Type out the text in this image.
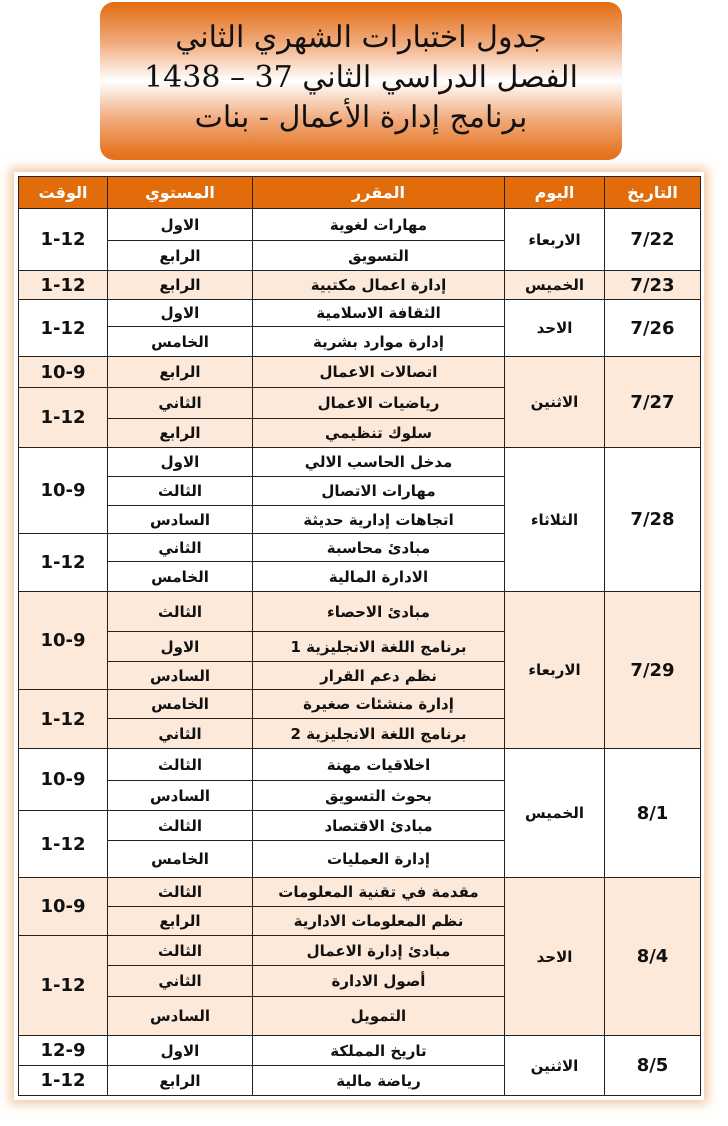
جدول اختبارات الشهري الثاني
الفصل الدراسي الثاني 37 – 1438
برنامج إدارة الأعمال - بنات
التاريخ	اليوم	المقرر	المستوي	الوقت
7/22	الاربعاء	مهارات لغوية	الاول	1-12
		التسويق	الرابع	
7/23	الخميس	إدارة اعمال مكتبية	الرابع	1-12
7/26	الاحد	الثقافة الاسلامية	الاول	1-12
		إدارة موارد بشرية	الخامس	
7/27	الاثنين	اتصالات الاعمال	الرابع	10-9
		رياضيات الاعمال	الثاني	1-12
		سلوك تنظيمي	الرابع	
7/28	الثلاثاء	مدخل الحاسب الالي	الاول	10-9
		مهارات الاتصال	الثالث	
		اتجاهات إدارية حديثة	السادس	
		مبادئ محاسبة	الثاني	1-12
		الادارة المالية	الخامس	
7/29	الاربعاء	مبادئ الاحصاء	الثالث	10-9
		برنامج اللغة الانجليزية 1	الاول	
		نظم دعم القرار	السادس	
		إدارة منشئات صغيرة	الخامس	1-12
		برنامج اللغة الانجليزية 2	الثاني	
8/1	الخميس	اخلاقيات مهنة	الثالث	10-9
		بحوث التسويق	السادس	
		مبادئ الاقتصاد	الثالث	1-12
		إدارة العمليات	الخامس	
8/4	الاحد	مقدمة في تقنية المعلومات	الثالث	10-9
		نظم المعلومات الادارية	الرابع	
		مبادئ إدارة الاعمال	الثالث	1-12
		أصول الادارة	الثاني	
		التمويل	السادس	
8/5	الاثنين	تاريخ المملكة	الاول	12-9
		رياضة مالية	الرابع	1-12
